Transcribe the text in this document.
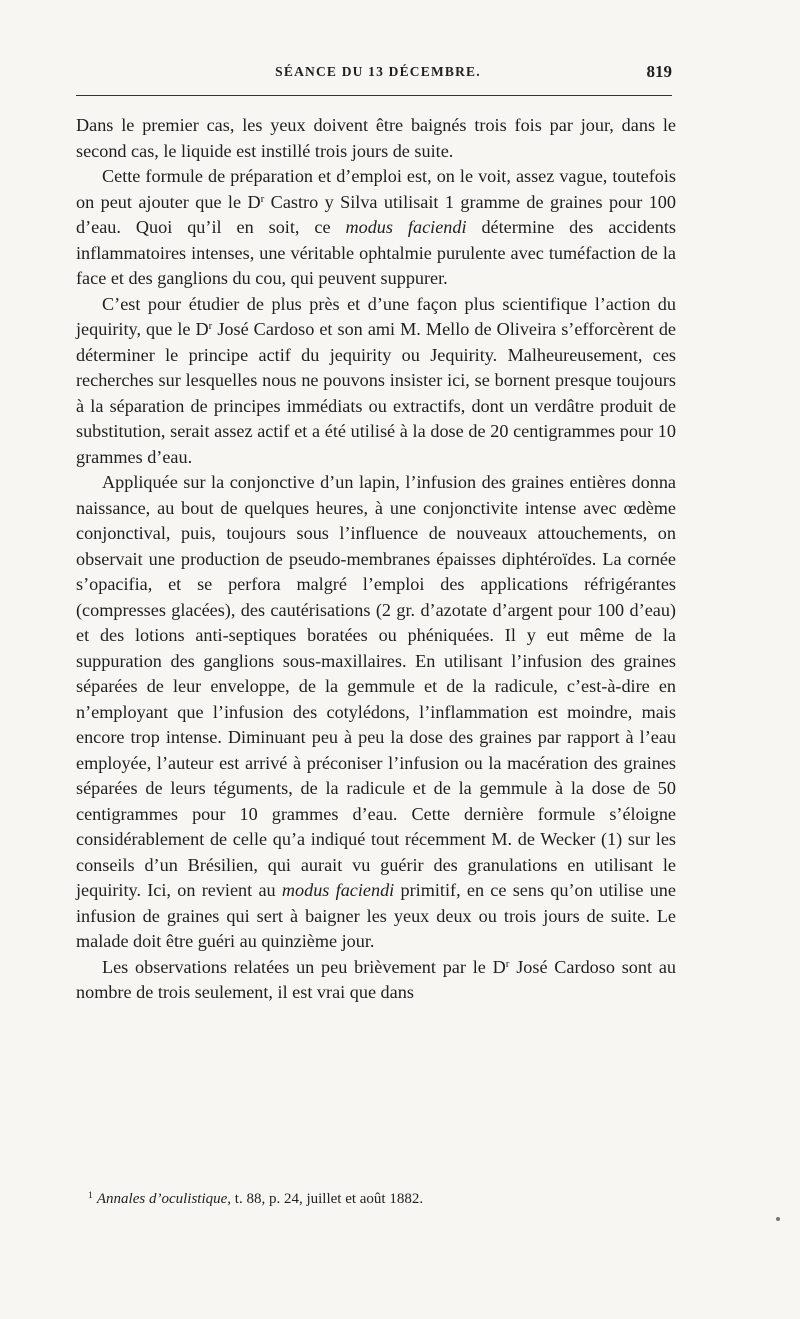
SÉANCE DU 13 DÉCEMBRE.	819

Dans le premier cas, les yeux doivent être baignés trois fois par jour, dans le second cas, le liquide est instillé trois jours de suite.

Cette formule de préparation et d’emploi est, on le voit, assez vague, toutefois on peut ajouter que le $D^r$ Castro y Silva utilisait 1 gramme de graines pour 100 d’eau. Quoi qu’il en soit, ce modus faciendi détermine des accidents inflammatoires intenses, une véritable ophtalmie purulente avec tuméfaction de la face et des ganglions du cou, qui peuvent suppurer.

C’est pour étudier de plus près et d’une façon plus scientifique l’action du jequirity, que le $D^r$ José Cardoso et son ami M. Mello de Oliveira s’efforcèrent de déterminer le principe actif du jequirity ou Jequirity. Malheureusement, ces recherches sur lesquelles nous ne pouvons insister ici, se bornent presque toujours à la séparation de principes immédiats ou extractifs, dont un verdâtre produit de substitution, serait assez actif et a été utilisé à la dose de 20 centigrammes pour 10 grammes d’eau.

Appliquée sur la conjonctive d’un lapin, l’infusion des graines entières donna naissance, au bout de quelques heures, à une conjonctivite intense avec œdème conjonctival, puis, toujours sous l’influence de nouveaux attouchements, on observait une production de pseudo-membranes épaisses diphtéroïdes. La cornée s’opacifia, et se perfora malgré l’emploi des applications réfrigérantes (compresses glacées), des cautérisations (2 gr. d’azotate d’argent pour 100 d’eau) et des lotions anti-septiques boratées ou phéniquées. Il y eut même de la suppuration des ganglions sous-maxillaires. En utilisant l’infusion des graines séparées de leur enveloppe, de la gemmule et de la radicule, c’est-à-dire en n’employant que l’infusion des cotylédons, l’inflammation est moindre, mais encore trop intense. Diminuant peu à peu la dose des graines par rapport à l’eau employée, l’auteur est arrivé à préconiser l’infusion ou la macération des graines séparées de leurs téguments, de la radicule et de la gemmule à la dose de 50 centigrammes pour 10 grammes d’eau. Cette dernière formule s’éloigne considérablement de celle qu’a indiqué tout récemment M. de Wecker (1) sur les conseils d’un Brésilien, qui aurait vu guérir des granulations en utilisant le jequirity. Ici, on revient au modus faciendi primitif, en ce sens qu’on utilise une infusion de graines qui sert à baigner les yeux deux ou trois jours de suite. Le malade doit être guéri au quinzième jour.

Les observations relatées un peu brièvement par le $D^r$ José Cardoso sont au nombre de trois seulement, il est vrai que dans

$^1$ Annales d’oculistique, t. 88, p. 24, juillet et août 1882.
